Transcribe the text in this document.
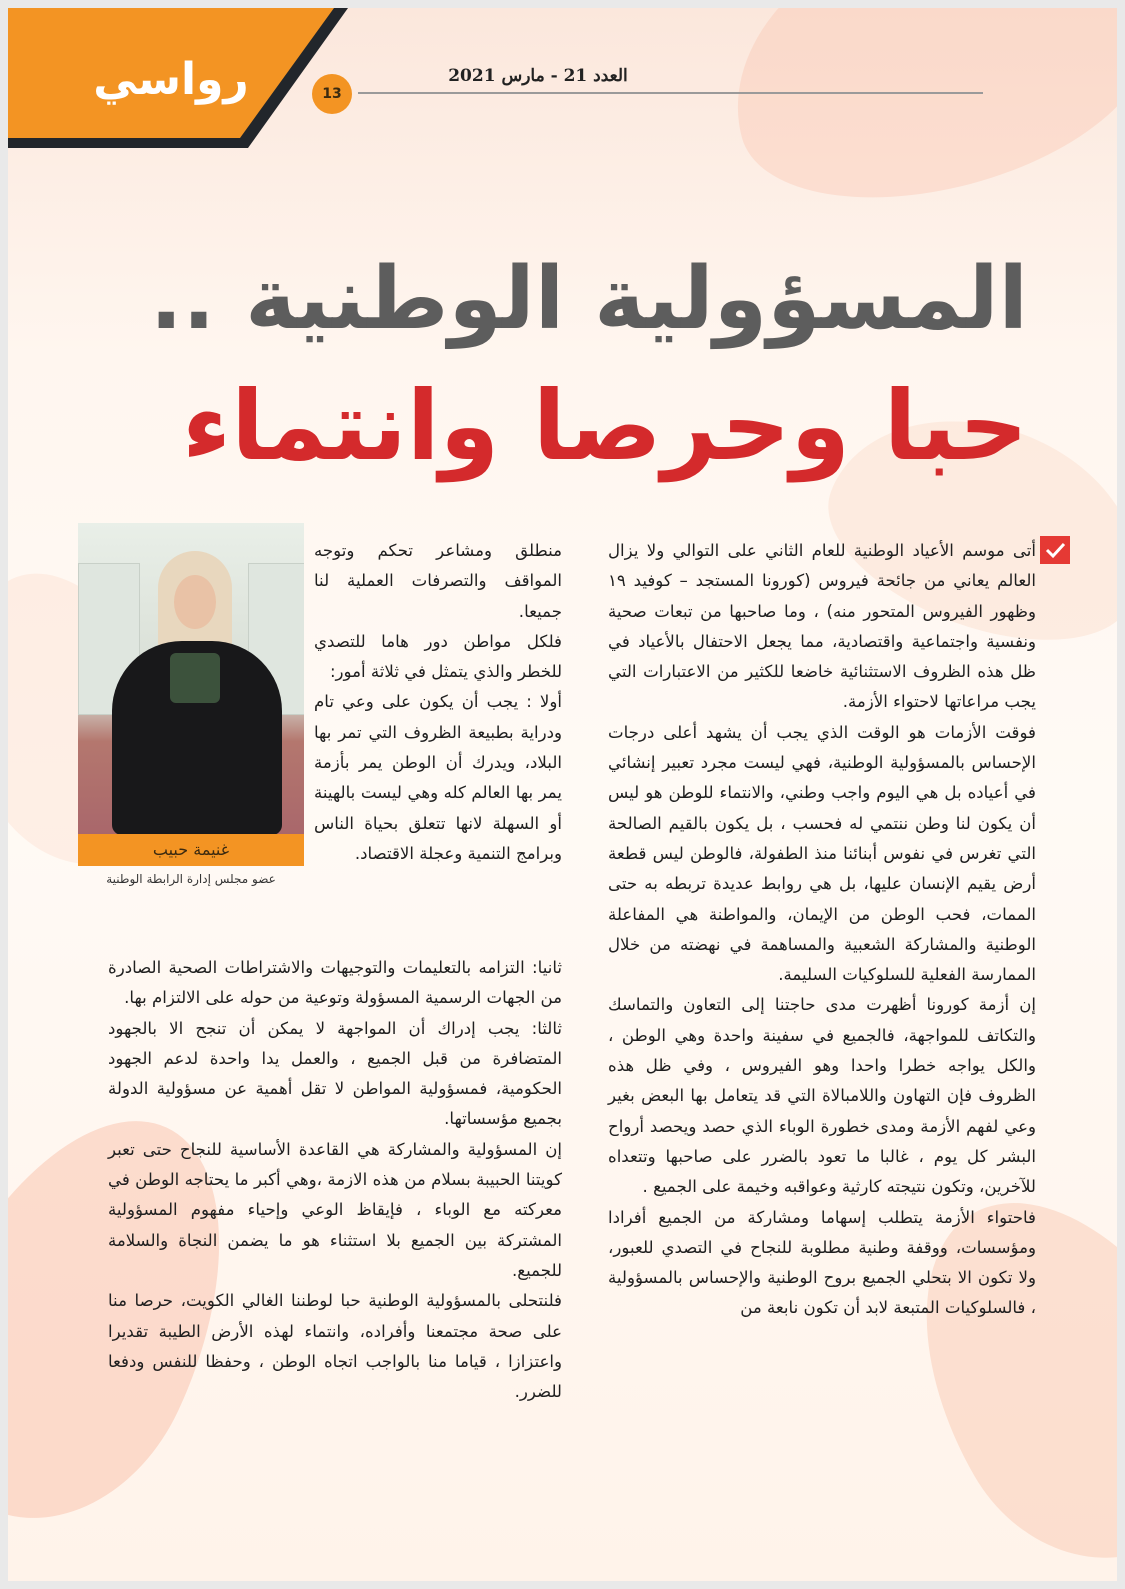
رواسي	13
العدد 21 - مارس 2021
المسؤولية الوطنية ..
حبا وحرصا وانتماء
غنيمة حبيب
عضو مجلس إدارة الرابطة الوطنية

أتى موسم الأعياد الوطنية للعام الثاني على التوالي ولا يزال العالم يعاني من جائحة فيروس (كورونا المستجد – كوفيد ١٩ وظهور الفيروس المتحور منه) ، وما صاحبها من تبعات صحية ونفسية واجتماعية واقتصادية، مما يجعل الاحتفال بالأعياد في ظل هذه الظروف الاستثنائية خاضعا للكثير من الاعتبارات التي يجب مراعاتها لاحتواء الأزمة.

فوقت الأزمات هو الوقت الذي يجب أن يشهد أعلى درجات الإحساس بالمسؤولية الوطنية، فهي ليست مجرد تعبير إنشائي في أعياده بل هي اليوم واجب وطني، والانتماء للوطن هو ليس أن يكون لنا وطن ننتمي له فحسب ، بل يكون بالقيم الصالحة التي تغرس في نفوس أبنائنا منذ الطفولة، فالوطن ليس قطعة أرض يقيم الإنسان عليها، بل هي روابط عديدة تربطه به حتى الممات، فحب الوطن من الإيمان، والمواطنة هي المفاعلة الوطنية والمشاركة الشعبية والمساهمة في نهضته من خلال الممارسة الفعلية للسلوكيات السليمة.

إن أزمة كورونا أظهرت مدى حاجتنا إلى التعاون والتماسك والتكاتف للمواجهة، فالجميع في سفينة واحدة وهي الوطن ، والكل يواجه خطرا واحدا وهو الفيروس ، وفي ظل هذه الظروف فإن التهاون واللامبالاة التي قد يتعامل بها البعض بغير وعي لفهم الأزمة ومدى خطورة الوباء الذي حصد ويحصد أرواح البشر كل يوم ، غالبا ما تعود بالضرر على صاحبها وتتعداه للآخرين، وتكون نتيجته كارثية وعواقبه وخيمة على الجميع .

فاحتواء الأزمة يتطلب إسهاما ومشاركة من الجميع أفرادا ومؤسسات، ووقفة وطنية مطلوبة للنجاح في التصدي للعبور، ولا تكون الا بتحلي الجميع بروح الوطنية والإحساس بالمسؤولية ، فالسلوكيات المتبعة لابد أن تكون نابعة من

منطلق ومشاعر تحكم وتوجه المواقف والتصرفات العملية لنا جميعا.

فلكل مواطن دور هاما للتصدي للخطر والذي يتمثل في ثلاثة أمور:

أولا : يجب أن يكون على وعي تام ودراية بطبيعة الظروف التي تمر بها البلاد، ويدرك أن الوطن يمر بأزمة يمر بها العالم كله وهي ليست بالهينة أو السهلة لانها تتعلق بحياة الناس وبرامج التنمية وعجلة الاقتصاد.

ثانيا: التزامه بالتعليمات والتوجيهات والاشتراطات الصحية الصادرة من الجهات الرسمية المسؤولة وتوعية من حوله على الالتزام بها.

ثالثا: يجب إدراك أن المواجهة لا يمكن أن تنجح الا بالجهود المتضافرة من قبل الجميع ، والعمل يدا واحدة لدعم الجهود الحكومية، فمسؤولية المواطن لا تقل أهمية عن مسؤولية الدولة بجميع مؤسساتها.

إن المسؤولية والمشاركة هي القاعدة الأساسية للنجاح حتى تعبر كويتنا الحبيبة بسلام من هذه الازمة ،وهي أكبر ما يحتاجه الوطن في معركته مع الوباء ، فإيقاظ الوعي وإحياء مفهوم المسؤولية المشتركة بين الجميع بلا استثناء هو ما يضمن النجاة والسلامة للجميع.

فلنتحلى بالمسؤولية الوطنية حبا لوطننا الغالي الكويت، حرصا منا على صحة مجتمعنا وأفراده، وانتماء لهذه الأرض الطيبة تقديرا واعتزازا ، قياما منا بالواجب اتجاه الوطن ، وحفظا للنفس ودفعا للضرر.
